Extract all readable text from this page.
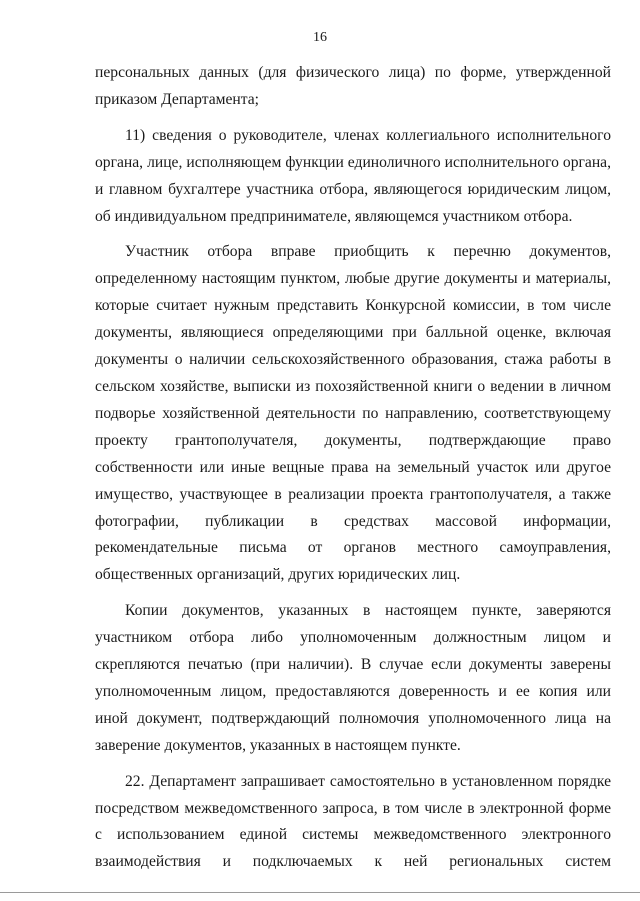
16

персональных данных (для физического лица) по форме, утвержденной приказом Департамента;

11) сведения о руководителе, членах коллегиального исполнительного органа, лице, исполняющем функции единоличного исполнительного органа, и главном бухгалтере участника отбора, являющегося юридическим лицом, об индивидуальном предпринимателе, являющемся участником отбора.

Участник отбора вправе приобщить к перечню документов, определенному настоящим пунктом, любые другие документы и материалы, которые считает нужным представить Конкурсной комиссии, в том числе документы, являющиеся определяющими при балльной оценке, включая документы о наличии сельскохозяйственного образования, стажа работы в сельском хозяйстве, выписки из похозяйственной книги о ведении в личном подворье хозяйственной деятельности по направлению, соответствующему проекту грантополучателя, документы, подтверждающие право собственности или иные вещные права на земельный участок или другое имущество, участвующее в реализации проекта грантополучателя, а также фотографии, публикации в средствах массовой информации, рекомендательные письма от органов местного самоуправления, общественных организаций, других юридических лиц.

Копии документов, указанных в настоящем пункте, заверяются участником отбора либо уполномоченным должностным лицом и скрепляются печатью (при наличии). В случае если документы заверены уполномоченным лицом, предоставляются доверенность и ее копия или иной документ, подтверждающий полномочия уполномоченного лица на заверение документов, указанных в настоящем пункте.

22. Департамент запрашивает самостоятельно в установленном порядке посредством межведомственного запроса, в том числе в электронной форме с использованием единой системы межведомственного электронного взаимодействия и подключаемых к ней региональных систем
